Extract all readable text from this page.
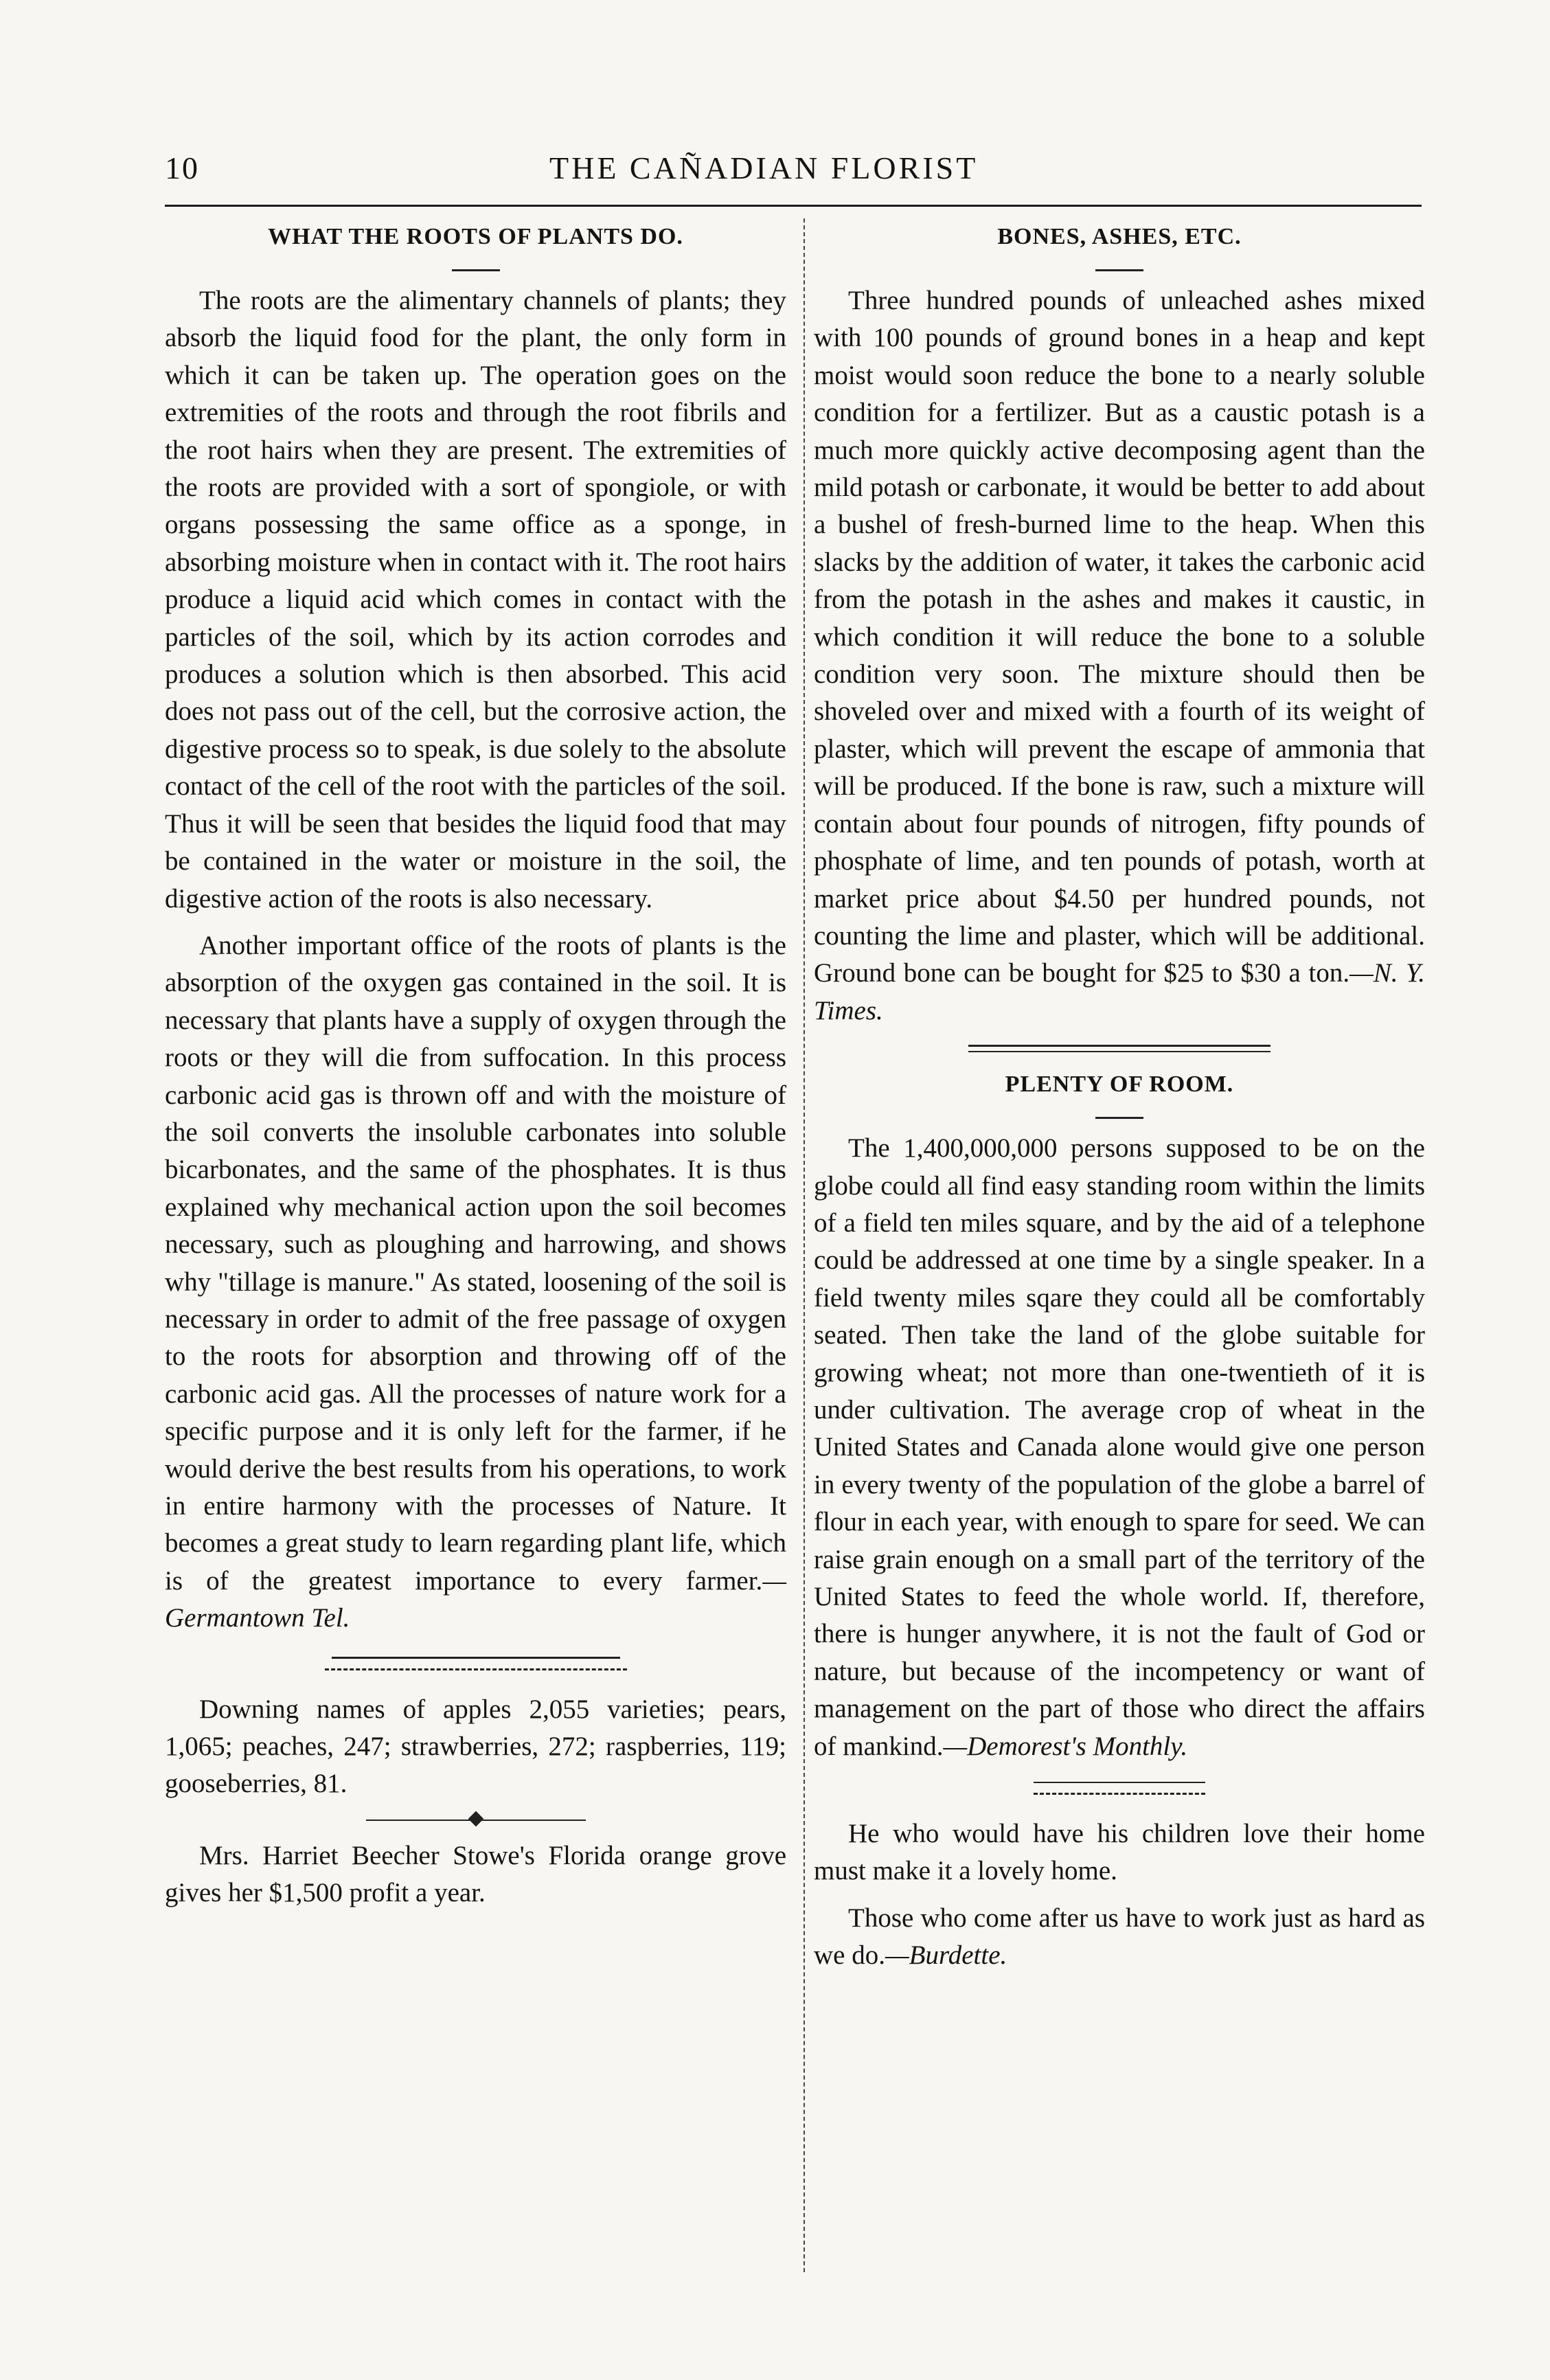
10	THE CAÑADIAN FLORIST
WHAT THE ROOTS OF PLANTS DO.

The roots are the alimentary channels of plants; they absorb the liquid food for the plant, the only form in which it can be taken up. The operation goes on the extremities of the roots and through the root fibrils and the root hairs when they are present. The extremities of the roots are provided with a sort of spongiole, or with organs possessing the same office as a sponge, in absorbing moisture when in contact with it. The root hairs produce a liquid acid which comes in contact with the particles of the soil, which by its action corrodes and produces a solution which is then absorbed. This acid does not pass out of the cell, but the corrosive action, the digestive process so to speak, is due solely to the absolute contact of the cell of the root with the particles of the soil. Thus it will be seen that besides the liquid food that may be contained in the water or moisture in the soil, the digestive action of the roots is also necessary.

Another important office of the roots of plants is the absorption of the oxygen gas contained in the soil. It is necessary that plants have a supply of oxygen through the roots or they will die from suffocation. In this process carbonic acid gas is thrown off and with the moisture of the soil converts the insoluble carbonates into soluble bicarbonates, and the same of the phosphates. It is thus explained why mechanical action upon the soil becomes necessary, such as ploughing and harrowing, and shows why "tillage is manure." As stated, loosening of the soil is necessary in order to admit of the free passage of oxygen to the roots for absorption and throwing off of the carbonic acid gas. All the processes of nature work for a specific purpose and it is only left for the farmer, if he would derive the best results from his operations, to work in entire harmony with the processes of Nature. It becomes a great study to learn regarding plant life, which is of the greatest importance to every farmer.—Germantown Tel.

Downing names of apples 2,055 varieties; pears, 1,065; peaches, 247; strawberries, 272; raspberries, 119; gooseberries, 81.

Mrs. Harriet Beecher Stowe's Florida orange grove gives her $1,500 profit a year.

BONES, ASHES, ETC.

Three hundred pounds of unleached ashes mixed with 100 pounds of ground bones in a heap and kept moist would soon reduce the bone to a nearly soluble condition for a fertilizer. But as a caustic potash is a much more quickly active decomposing agent than the mild potash or carbonate, it would be better to add about a bushel of fresh-burned lime to the heap. When this slacks by the addition of water, it takes the carbonic acid from the potash in the ashes and makes it caustic, in which condition it will reduce the bone to a soluble condition very soon. The mixture should then be shoveled over and mixed with a fourth of its weight of plaster, which will prevent the escape of ammonia that will be produced. If the bone is raw, such a mixture will contain about four pounds of nitrogen, fifty pounds of phosphate of lime, and ten pounds of potash, worth at market price about $4.50 per hundred pounds, not counting the lime and plaster, which will be additional. Ground bone can be bought for $25 to $30 a ton.—N. Y. Times.

PLENTY OF ROOM.

The 1,400,000,000 persons supposed to be on the globe could all find easy standing room within the limits of a field ten miles square, and by the aid of a telephone could be addressed at one time by a single speaker. In a field twenty miles sqare they could all be comfortably seated. Then take the land of the globe suitable for growing wheat; not more than one-twentieth of it is under cultivation. The average crop of wheat in the United States and Canada alone would give one person in every twenty of the population of the globe a barrel of flour in each year, with enough to spare for seed. We can raise grain enough on a small part of the territory of the United States to feed the whole world. If, therefore, there is hunger anywhere, it is not the fault of God or nature, but because of the incompetency or want of management on the part of those who direct the affairs of mankind.—Demorest's Monthly.

He who would have his children love their home must make it a lovely home.

Those who come after us have to work just as hard as we do.—Burdette.
